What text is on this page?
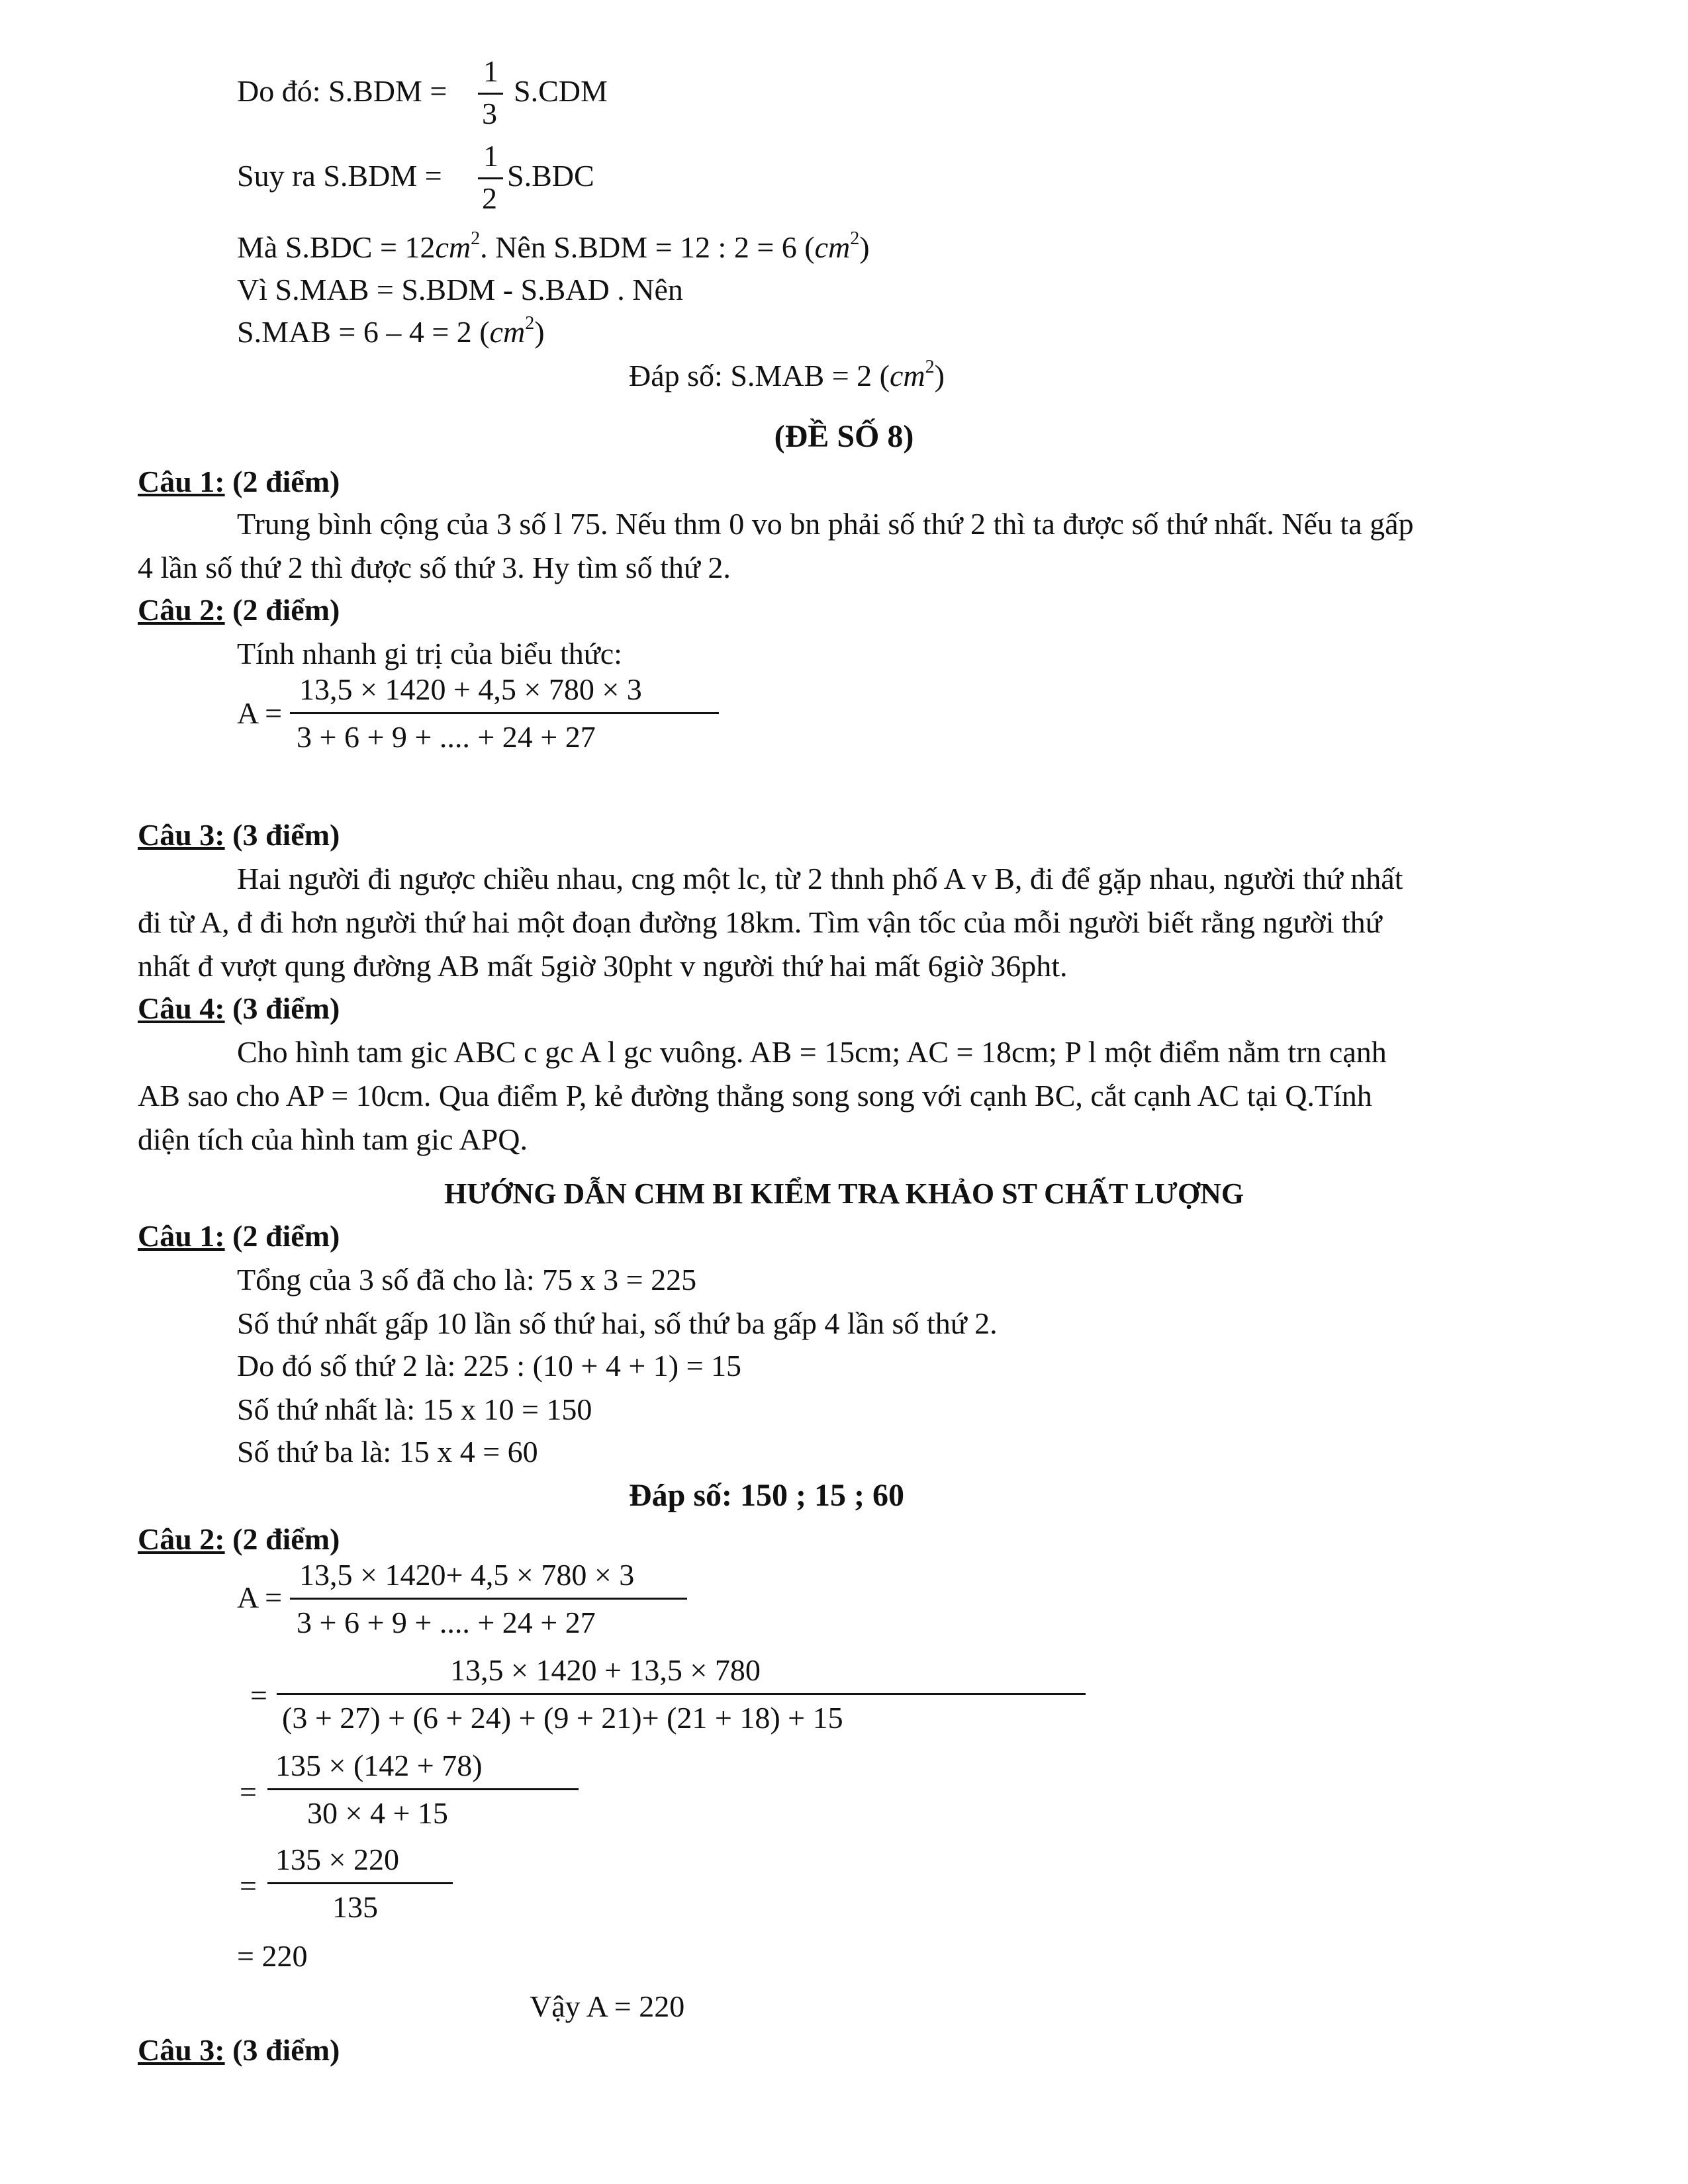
Do đó: S.BDM =
1
3
S.CDM
Suy ra S.BDM =
1
2
S.BDC
Mà $S.BDC = 12cm^2$. Nên S.BDM = 12 : 2 = 6 $(cm^2)$
Vì S.MAB = S.BDM - S.BAD . Nên
S.MAB = 6 – 4 = 2 $(cm^2)$
Đáp số: S.MAB = 2 $(cm^2)$
(ĐỀ SỐ 8)
Câu 1: (2 điểm)
Trung bình cộng của 3 số l 75. Nếu thm 0 vo bn phải số thứ 2 thì ta được số thứ nhất. Nếu ta gấp
4 lần số thứ 2 thì được số thứ 3. Hy tìm số thứ 2.
Câu 2: (2 điểm)
Tính nhanh gi trị của biểu thức:
A =
13,5 × 1420 + 4,5 × 780 × 3
3 + 6 + 9 + .... + 24 + 27
Câu 3: (3 điểm)
Hai người đi ngược chiều nhau, cng một lc, từ 2 thnh phố A v B, đi để gặp nhau, người thứ nhất
đi từ A, đ đi hơn người thứ hai một đoạn đường 18km. Tìm vận tốc của mỗi người biết rằng người thứ
nhất đ vượt qung đường AB mất 5giờ 30pht v người thứ hai mất 6giờ 36pht.
Câu 4: (3 điểm)
Cho hình tam gic ABC c gc A l gc vuông. AB = 15cm; AC = 18cm; P l một điểm nằm trn cạnh
AB sao cho AP = 10cm. Qua điểm P, kẻ đường thẳng song song với cạnh BC, cắt cạnh AC tại Q.Tính
diện tích của hình tam gic APQ.
HƯỚNG DẪN CHM BI KIỂM TRA KHẢO ST CHẤT LƯỢNG
Câu 1: (2 điểm)
Tổng của 3 số đã cho là: 75 x 3 = 225
Số thứ nhất gấp 10 lần số thứ hai, số thứ ba gấp 4 lần số thứ 2.
Do đó số thứ 2 là: 225 : (10 + 4 + 1) = 15
Số thứ nhất là: 15 x 10 = 150
Số thứ ba là: 15 x 4 = 60
Đáp số: 150 ; 15 ; 60
Câu 2: (2 điểm)
A =
13,5 × 1420+ 4,5 × 780 × 3
3 + 6 + 9 + .... + 24 + 27
=
13,5 × 1420 + 13,5 × 780
(3 + 27) + (6 + 24) + (9 + 21)+ (21 + 18) + 15
=
135 × (142 + 78)
30 × 4 + 15
=
135 × 220
135
= 220
Vậy A = 220
Câu 3: (3 điểm)
